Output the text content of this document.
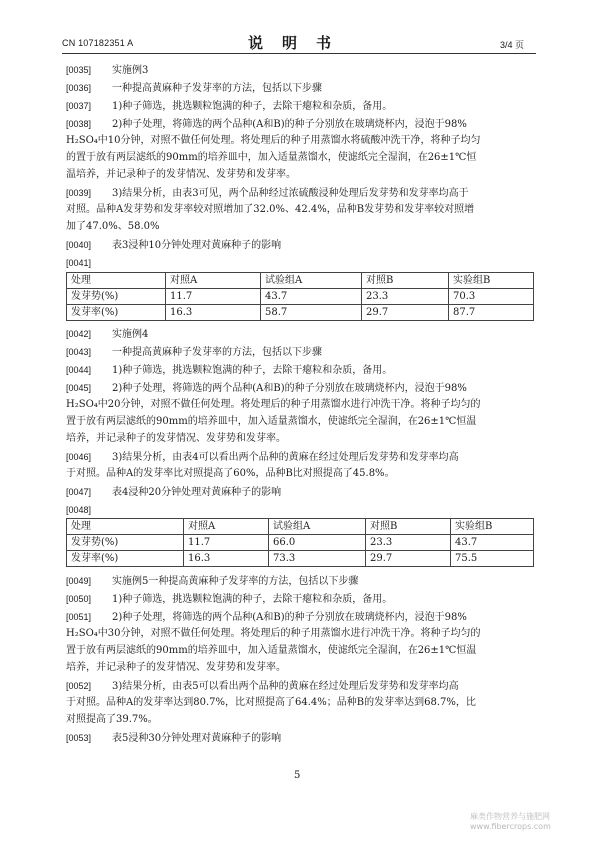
CN 107182351 A	说　明　书	3/4 页
[0035] 实施例3
[0036] 一种提高黄麻种子发芽率的方法，包括以下步骤
[0037] 1)种子筛选，挑选颗粒饱满的种子，去除干瘪粒和杂质，备用。
[0038] 2)种子处理，将筛选的两个品种(A和B)的种子分别放在玻璃烧杯内，浸泡于98%
H₂SO₄中10分钟，对照不做任何处理。将处理后的种子用蒸馏水将硫酸冲洗干净，将种子均匀
的置于放有两层滤纸的90mm的培养皿中，加入适量蒸馏水，使滤纸完全湿润，在26±1℃恒
温培养，并记录种子的发芽情况、发芽势和发芽率。
[0039] 3)结果分析，由表3可见，两个品种经过浓硫酸浸种处理后发芽势和发芽率均高于
对照。品种A发芽势和发芽率较对照增加了32.0%、42.4%，品种B发芽势和发芽率较对照增
加了47.0%、58.0%
[0040] 表3浸种10分钟处理对黄麻种子的影响
[0041]
处理	对照A	试验组A	对照B	实验组B
发芽势(%)	11.7	43.7	23.3	70.3
发芽率(%)	16.3	58.7	29.7	87.7
[0042] 实施例4
[0043] 一种提高黄麻种子发芽率的方法，包括以下步骤
[0044] 1)种子筛选，挑选颗粒饱满的种子，去除干瘪粒和杂质，备用。
[0045] 2)种子处理，将筛选的两个品种(A和B)的种子分别放在玻璃烧杯内，浸泡于98%
H₂SO₄中20分钟，对照不做任何处理。将处理后的种子用蒸馏水进行冲洗干净。将种子均匀的
置于放有两层滤纸的90mm的培养皿中，加入适量蒸馏水，使滤纸完全湿润，在26±1℃恒温
培养，并记录种子的发芽情况、发芽势和发芽率。
[0046] 3)结果分析，由表4可以看出两个品种的黄麻在经过处理后发芽势和发芽率均高
于对照。品种A的发芽率比对照提高了60%，品种B比对照提高了45.8%。
[0047] 表4浸种20分钟处理对黄麻种子的影响
[0048]
处理	对照A	试验组A	对照B	实验组B
发芽势(%)	11.7	66.0	23.3	43.7
发芽率(%)	16.3	73.3	29.7	75.5
[0049] 实施例5一种提高黄麻种子发芽率的方法，包括以下步骤
[0050] 1)种子筛选，挑选颗粒饱满的种子，去除干瘪粒和杂质，备用。
[0051] 2)种子处理，将筛选的两个品种(A和B)的种子分别放在玻璃烧杯内，浸泡于98%
H₂SO₄中30分钟，对照不做任何处理。将处理后的种子用蒸馏水进行冲洗干净。将种子均匀的
置于放有两层滤纸的90mm的培养皿中，加入适量蒸馏水，使滤纸完全湿润，在26±1℃恒温
培养，并记录种子的发芽情况、发芽势和发芽率。
[0052] 3)结果分析，由表5可以看出两个品种的黄麻在经过处理后发芽势和发芽率均高
于对照。品种A的发芽率达到80.7%，比对照提高了64.4%；品种B的发芽率达到68.7%，比
对照提高了39.7%。
[0053] 表5浸种30分钟处理对黄麻种子的影响
5
麻类作物营养与施肥网
www.fibercrops.com
